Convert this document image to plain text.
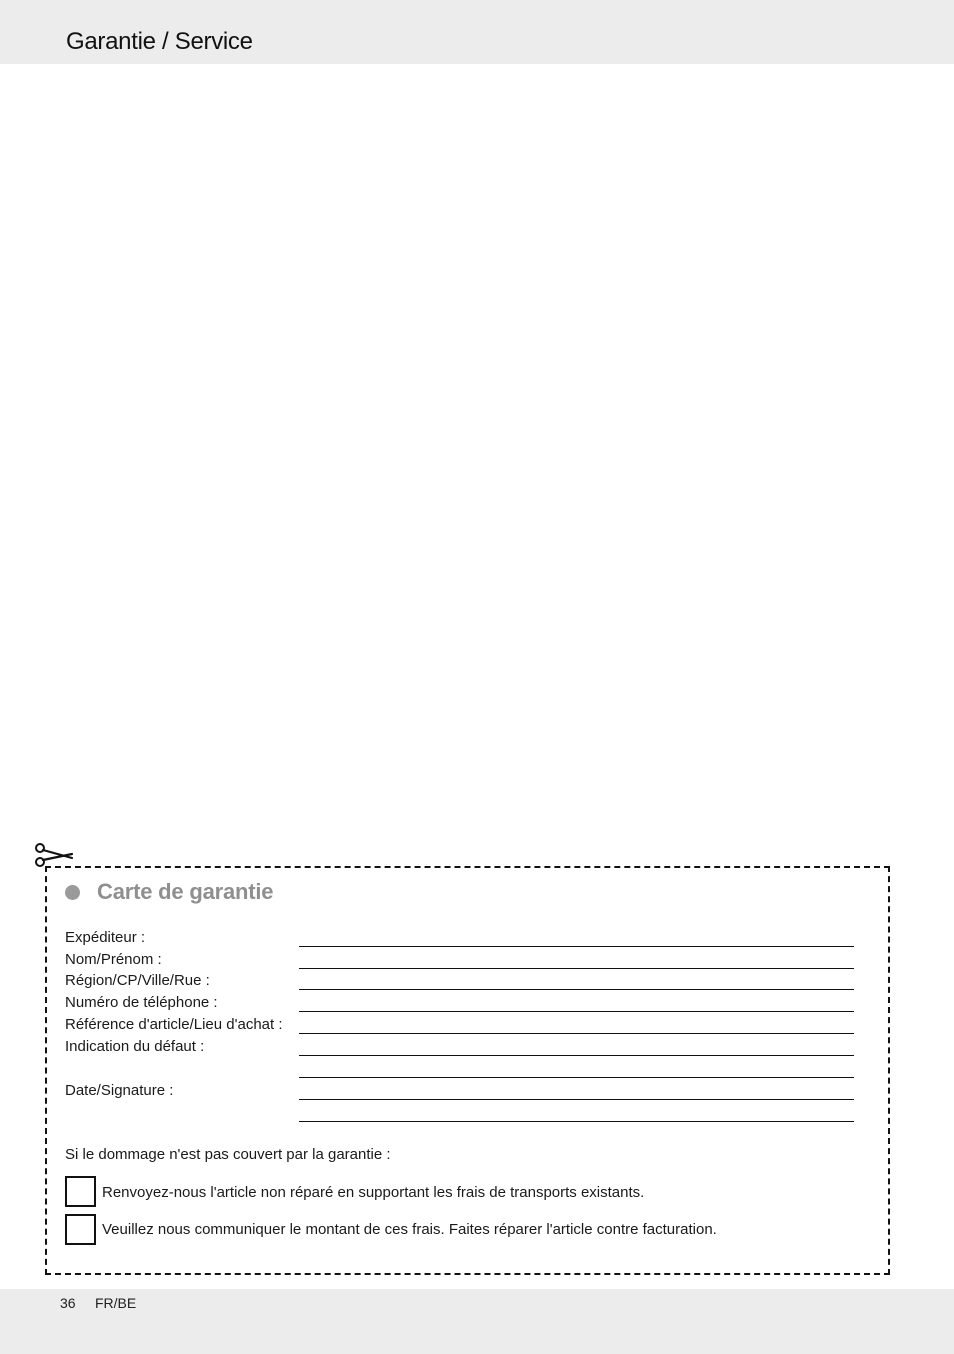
Garantie / Service
Carte de garantie
Expéditeur :
Nom/Prénom :
Région/CP/Ville/Rue :
Numéro de téléphone :
Référence d'article/Lieu d'achat :
Indication du défaut :
Date/Signature :
Si le dommage n'est pas couvert par la garantie :
Renvoyez-nous l'article non réparé en supportant les frais de transports existants.
Veuillez nous communiquer le montant de ces frais. Faites réparer l'article contre facturation.
36 FR/BE
